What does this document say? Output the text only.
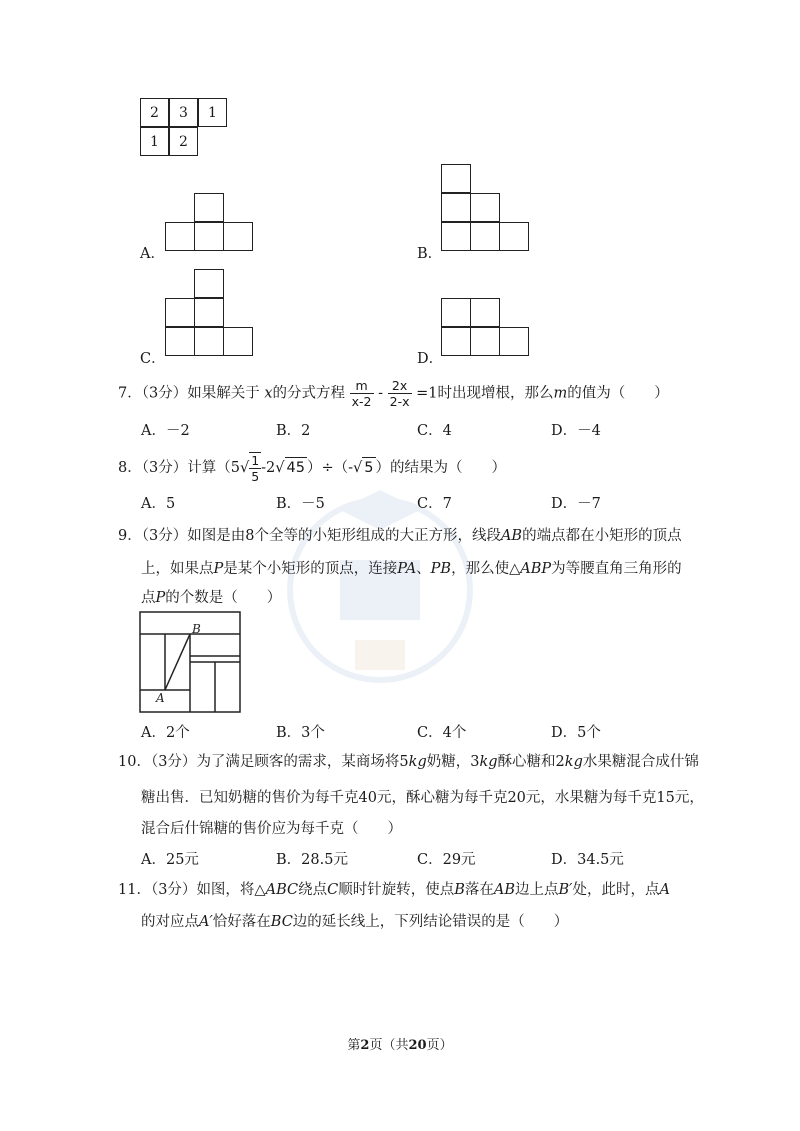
2	3	1
1	2
A．	B．
C．	D．
7．（3分）如果解关于 x的分式方程 $\frac{m}{x-2} - \frac{2x}{2-x} =1$时出现增根，那么m的值为（　　）
A．－2	B．2	C．4	D．－4
8．（3分）计算（$5√ \frac{1}{5} -2√$ 45 ）÷（-√ 5 ）的结果为（　　）
A．5	B．－5	C．7	D．－7
9．（3分）如图是由8个全等的小矩形组成的大正方形，线段AB的端点都在小矩形的顶点
上，如果点P是某个小矩形的顶点，连接PA、PB，那么使△ABP为等腰直角三角形的
点P的个数是（　　）
B
A
A．2个	B．3个	C．4个	D．5个
10．（3分）为了满足顾客的需求，某商场将5kg奶糖，3kg酥心糖和2kg水果糖混合成什锦
糖出售．已知奶糖的售价为每千克40元，酥心糖为每千克20元，水果糖为每千克15元，
混合后什锦糖的售价应为每千克（　　）
A．25元	B．28.5元	C．29元	D．34.5元
11．（3分）如图，将△ABC绕点C顺时针旋转，使点B落在AB边上点B′处，此时，点A
的对应点A′恰好落在BC边的延长线上，下列结论错误的是（　　）
第2页（共20页）
